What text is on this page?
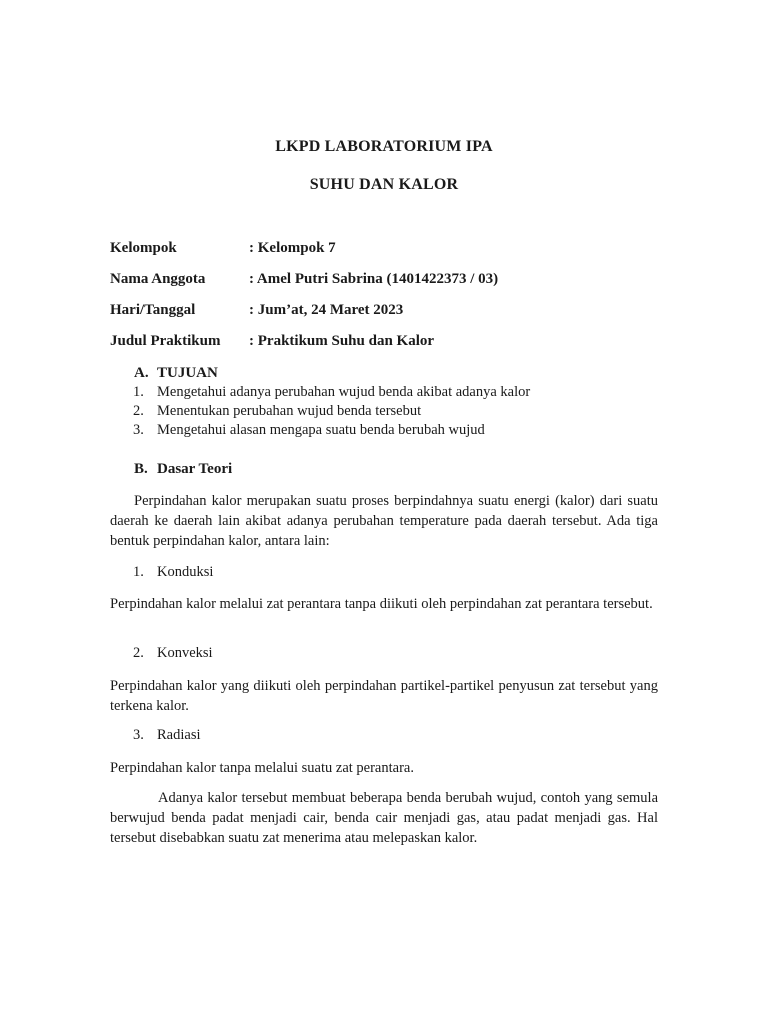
LKPD LABORATORIUM IPA
SUHU DAN KALOR
Kelompok	: Kelompok 7
Nama Anggota	: Amel Putri Sabrina (1401422373 / 03)
Hari/Tanggal	: Jum’at, 24 Maret 2023
Judul Praktikum : Praktikum Suhu dan Kalor
A. TUJUAN
1. Mengetahui adanya perubahan wujud benda akibat adanya kalor
2. Menentukan perubahan wujud benda tersebut
3. Mengetahui alasan mengapa suatu benda berubah wujud
B. Dasar Teori
Perpindahan kalor merupakan suatu proses berpindahnya suatu energi (kalor) dari suatu daerah ke daerah lain akibat adanya perubahan temperature pada daerah tersebut. Ada tiga bentuk perpindahan kalor, antara lain:
1. Konduksi
Perpindahan kalor melalui zat perantara tanpa diikuti oleh perpindahan zat perantara tersebut.
2. Konveksi
Perpindahan kalor yang diikuti oleh perpindahan partikel-partikel penyusun zat tersebut yang terkena kalor.
3. Radiasi
Perpindahan kalor tanpa melalui suatu zat perantara.
Adanya kalor tersebut membuat beberapa benda berubah wujud, contoh yang semula berwujud benda padat menjadi cair, benda cair menjadi gas, atau padat menjadi gas. Hal tersebut disebabkan suatu zat menerima atau melepaskan kalor.
